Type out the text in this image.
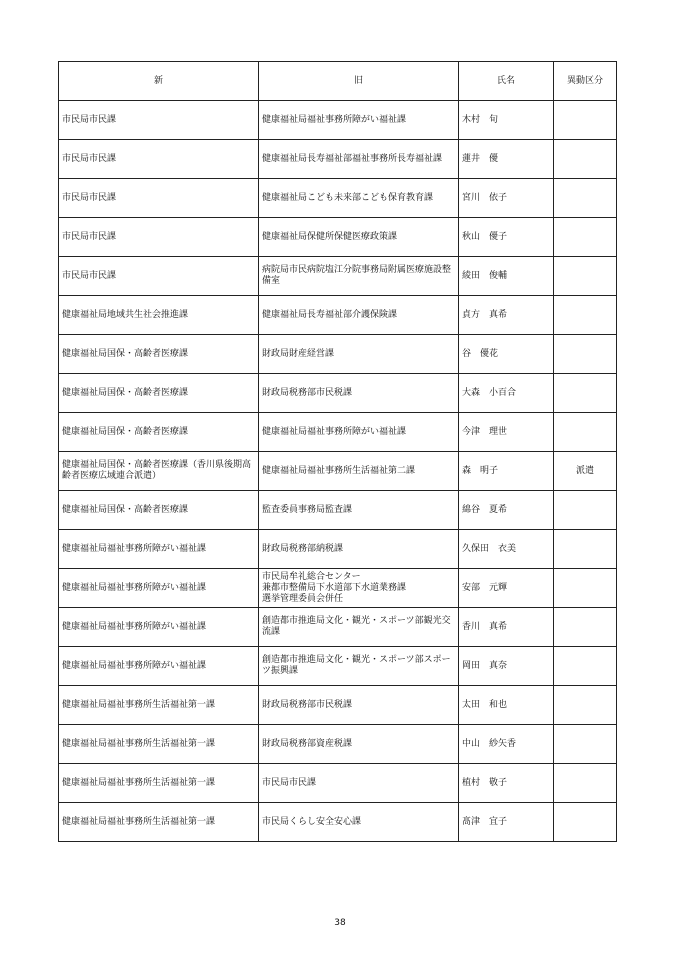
新	旧	氏名	異動区分
市民局市民課	健康福祉局福祉事務所障がい福祉課	木村　旬	
市民局市民課	健康福祉局長寿福祉部福祉事務所長寿福祉課	蓮井　優	
市民局市民課	健康福祉局こども未来部こども保育教育課	宮川　依子	
市民局市民課	健康福祉局保健所保健医療政策課	秋山　優子	
市民局市民課	病院局市民病院塩江分院事務局附属医療施設整備室	綾田　俊輔	
健康福祉局地域共生社会推進課	健康福祉局長寿福祉部介護保険課	貞方　真希	
健康福祉局国保・高齢者医療課	財政局財産経営課	谷　優花	
健康福祉局国保・高齢者医療課	財政局税務部市民税課	大森　小百合	
健康福祉局国保・高齢者医療課	健康福祉局福祉事務所障がい福祉課	今津　理世	
健康福祉局国保・高齢者医療課（香川県後期高齢者医療広域連合派遣）	健康福祉局福祉事務所生活福祉第二課	森　明子	派遣
健康福祉局国保・高齢者医療課	監査委員事務局監査課	綿谷　夏希	
健康福祉局福祉事務所障がい福祉課	財政局税務部納税課	久保田　衣美	
健康福祉局福祉事務所障がい福祉課	市民局牟礼総合センター
兼都市整備局下水道部下水道業務課
選挙管理委員会併任	安部　元輝	
健康福祉局福祉事務所障がい福祉課	創造都市推進局文化・観光・スポーツ部観光交流課	香川　真希	
健康福祉局福祉事務所障がい福祉課	創造都市推進局文化・観光・スポーツ部スポーツ振興課	岡田　真奈	
健康福祉局福祉事務所生活福祉第一課	財政局税務部市民税課	太田　和也	
健康福祉局福祉事務所生活福祉第一課	財政局税務部資産税課	中山　紗矢香	
健康福祉局福祉事務所生活福祉第一課	市民局市民課	植村　敬子	
健康福祉局福祉事務所生活福祉第一課	市民局くらし安全安心課	髙津　宜子	
38
